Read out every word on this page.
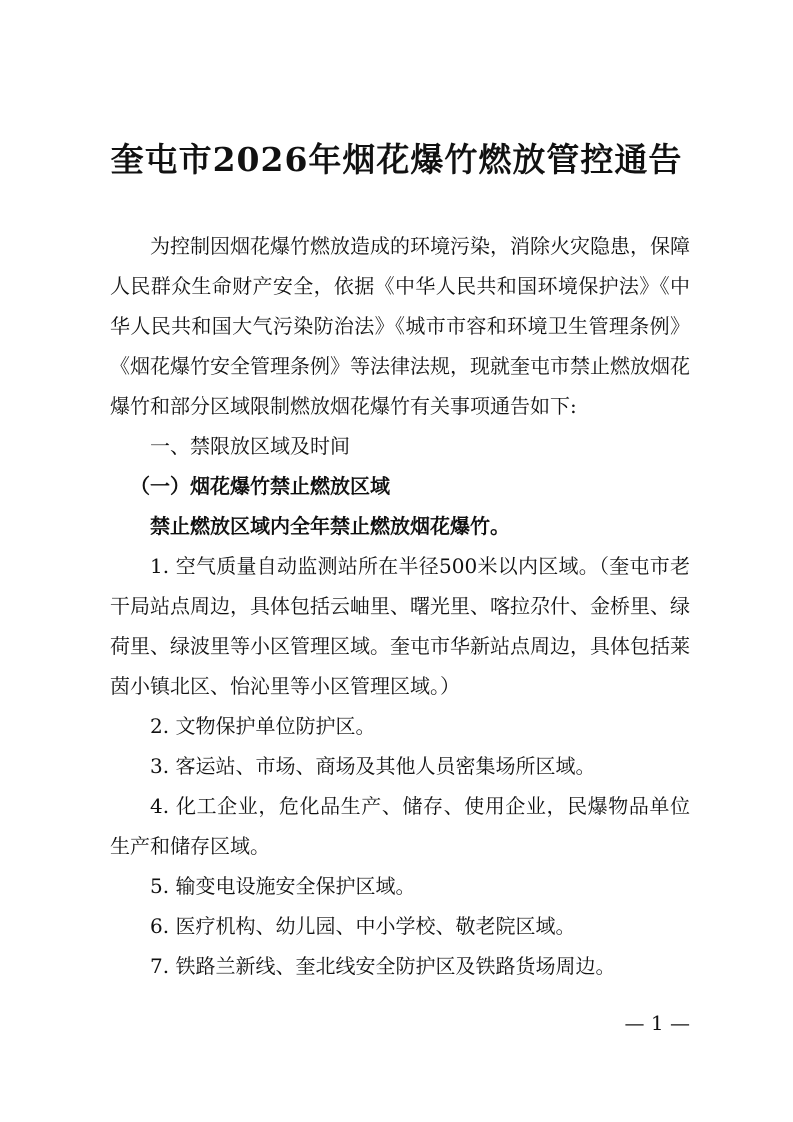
奎屯市2026年烟花爆竹燃放管控通告

为控制因烟花爆竹燃放造成的环境污染，消除火灾隐患，保障人民群众生命财产安全，依据《中华人民共和国环境保护法》《中华人民共和国大气污染防治法》《城市市容和环境卫生管理条例》《烟花爆竹安全管理条例》等法律法规，现就奎屯市禁止燃放烟花爆竹和部分区域限制燃放烟花爆竹有关事项通告如下:

一、禁限放区域及时间

（一）烟花爆竹禁止燃放区域

禁止燃放区域内全年禁止燃放烟花爆竹。

1. 空气质量自动监测站所在半径500米以内区域。（奎屯市老干局站点周边，具体包括云岫里、曙光里、喀拉尕什、金桥里、绿荷里、绿波里等小区管理区域。奎屯市华新站点周边，具体包括莱茵小镇北区、怡沁里等小区管理区域。）

2. 文物保护单位防护区。

3. 客运站、市场、商场及其他人员密集场所区域。

4. 化工企业，危化品生产、储存、使用企业，民爆物品单位生产和储存区域。

5. 输变电设施安全保护区域。

6. 医疗机构、幼儿园、中小学校、敬老院区域。

7. 铁路兰新线、奎北线安全防护区及铁路货场周边。

— 1 —
